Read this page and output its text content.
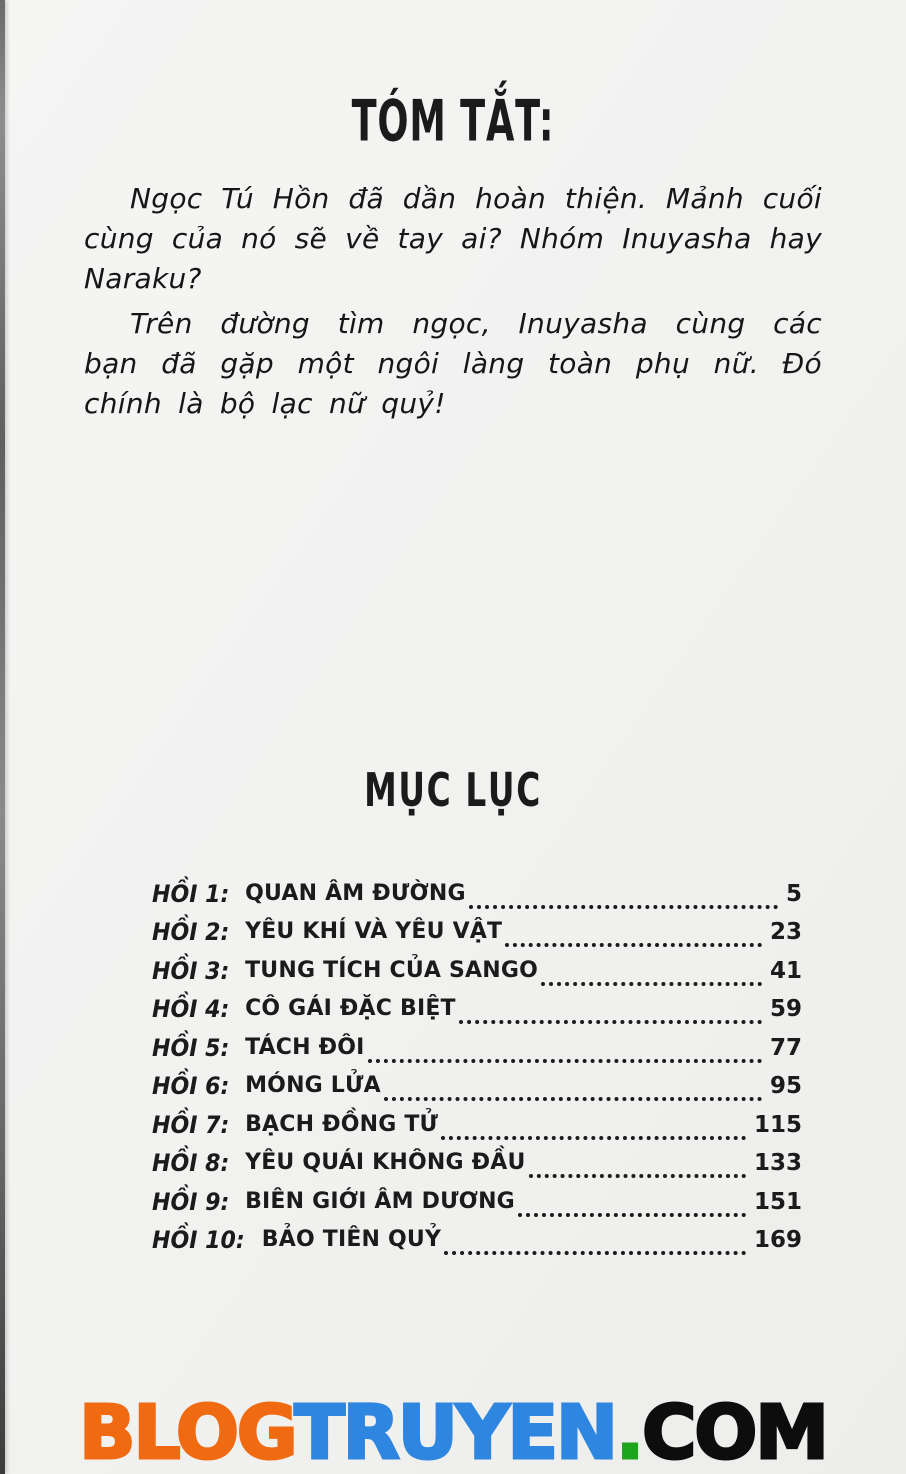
TÓM TẮT:

Ngọc Tú Hồn đã dần hoàn thiện. Mảnh cuối cùng của nó sẽ về tay ai? Nhóm Inuyasha hay Naraku?

Trên đường tìm ngọc, Inuyasha cùng các bạn đã gặp một ngôi làng toàn phụ nữ. Đó chính là bộ lạc nữ quỷ!

MỤC LỤC
HỒI 1: QUAN ÂM ĐƯỜNG	5
HỒI 2: YÊU KHÍ VÀ YÊU VẬT	23
HỒI 3: TUNG TÍCH CỦA SANGO	41
HỒI 4: CÔ GÁI ĐẶC BIỆT	59
HỒI 5: TÁCH ĐÔI	77
HỒI 6: MÓNG LỬA	95
HỒI 7: BẠCH ĐỒNG TỬ	115
HỒI 8: YÊU QUÁI KHÔNG ĐẦU	133
HỒI 9: BIÊN GIỚI ÂM DƯƠNG	151
HỒI 10: BẢO TIÊN QUỶ	169
BLOGTRUYEN.COM
